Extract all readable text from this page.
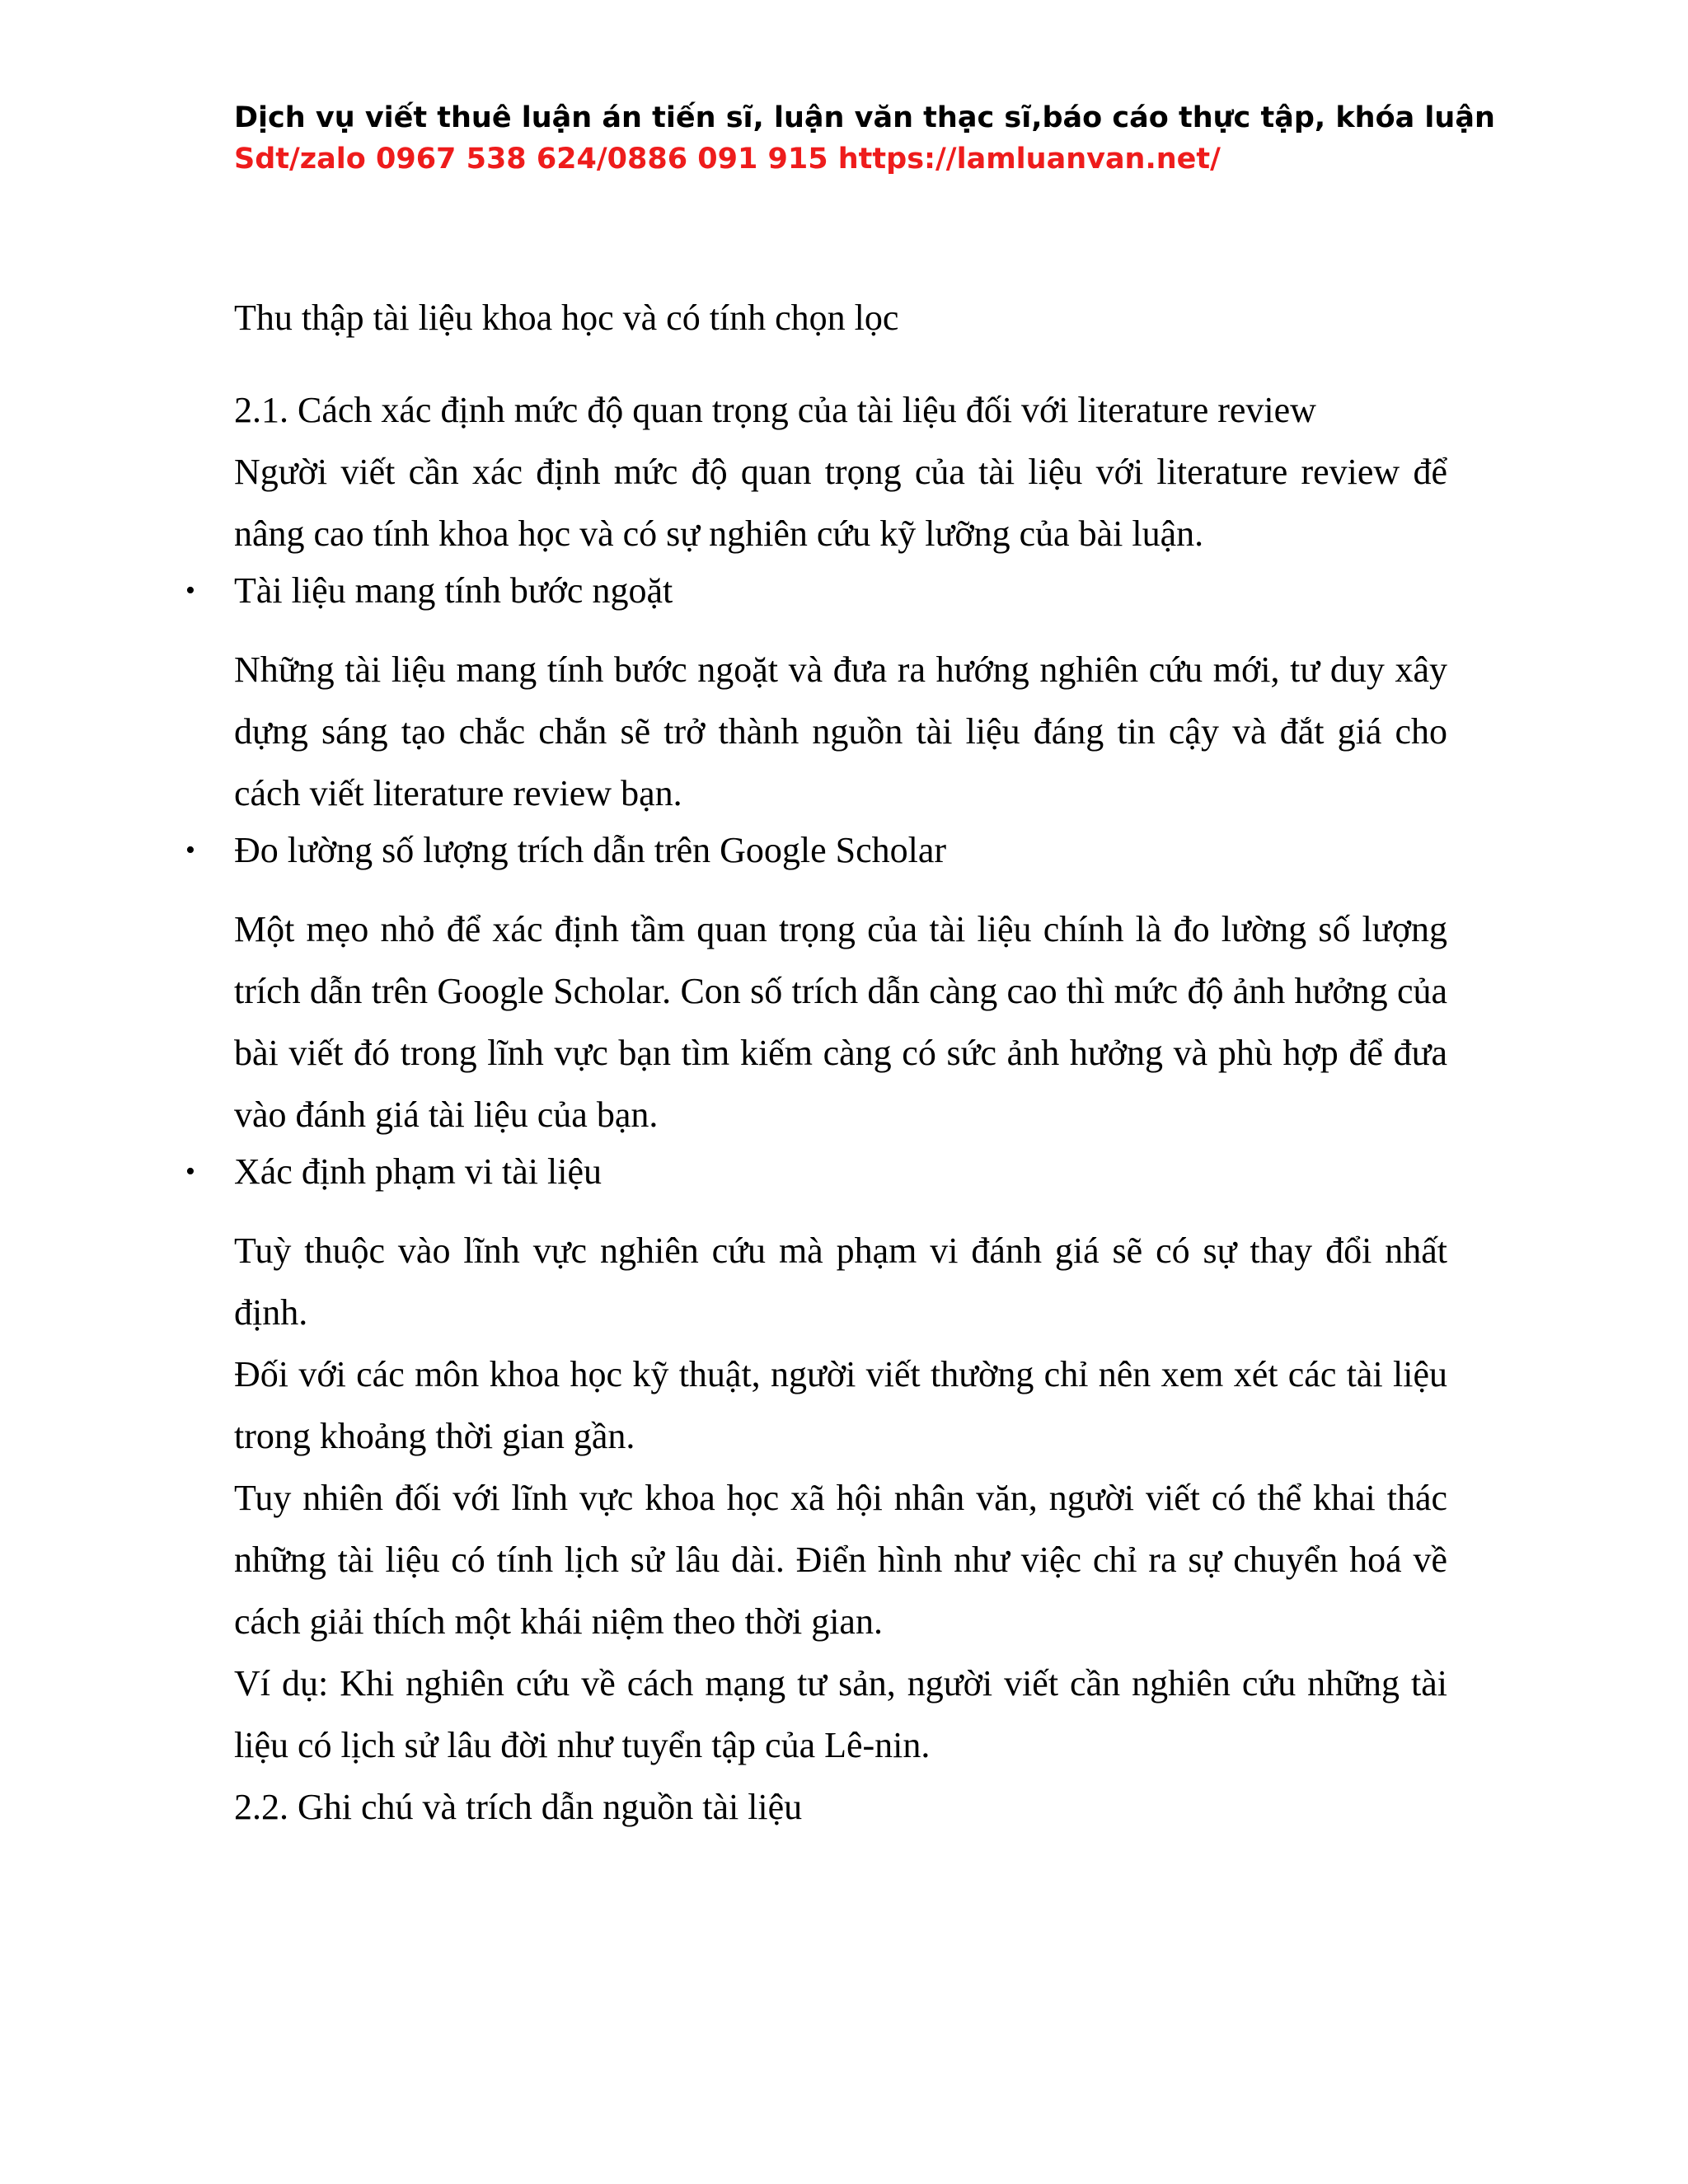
Dịch vụ viết thuê luận án tiến sĩ, luận văn thạc sĩ,báo cáo thực tập, khóa luận
Sdt/zalo 0967 538 624/0886 091 915 https://lamluanvan.net/

Thu thập tài liệu khoa học và có tính chọn lọc

2.1. Cách xác định mức độ quan trọng của tài liệu đối với literature review

Người viết cần xác định mức độ quan trọng của tài liệu với literature review để nâng cao tính khoa học và có sự nghiên cứu kỹ lưỡng của bài luận.

• Tài liệu mang tính bước ngoặt

Những tài liệu mang tính bước ngoặt và đưa ra hướng nghiên cứu mới, tư duy xây dựng sáng tạo chắc chắn sẽ trở thành nguồn tài liệu đáng tin cậy và đắt giá cho cách viết literature review bạn.

• Đo lường số lượng trích dẫn trên Google Scholar

Một mẹo nhỏ để xác định tầm quan trọng của tài liệu chính là đo lường số lượng trích dẫn trên Google Scholar. Con số trích dẫn càng cao thì mức độ ảnh hưởng của bài viết đó trong lĩnh vực bạn tìm kiếm càng có sức ảnh hưởng và phù hợp để đưa vào đánh giá tài liệu của bạn.

• Xác định phạm vi tài liệu

Tuỳ thuộc vào lĩnh vực nghiên cứu mà phạm vi đánh giá sẽ có sự thay đổi nhất định.

Đối với các môn khoa học kỹ thuật, người viết thường chỉ nên xem xét các tài liệu trong khoảng thời gian gần.

Tuy nhiên đối với lĩnh vực khoa học xã hội nhân văn, người viết có thể khai thác những tài liệu có tính lịch sử lâu dài. Điển hình như việc chỉ ra sự chuyển hoá về cách giải thích một khái niệm theo thời gian.

Ví dụ: Khi nghiên cứu về cách mạng tư sản, người viết cần nghiên cứu những tài liệu có lịch sử lâu đời như tuyển tập của Lê-nin.

2.2. Ghi chú và trích dẫn nguồn tài liệu
